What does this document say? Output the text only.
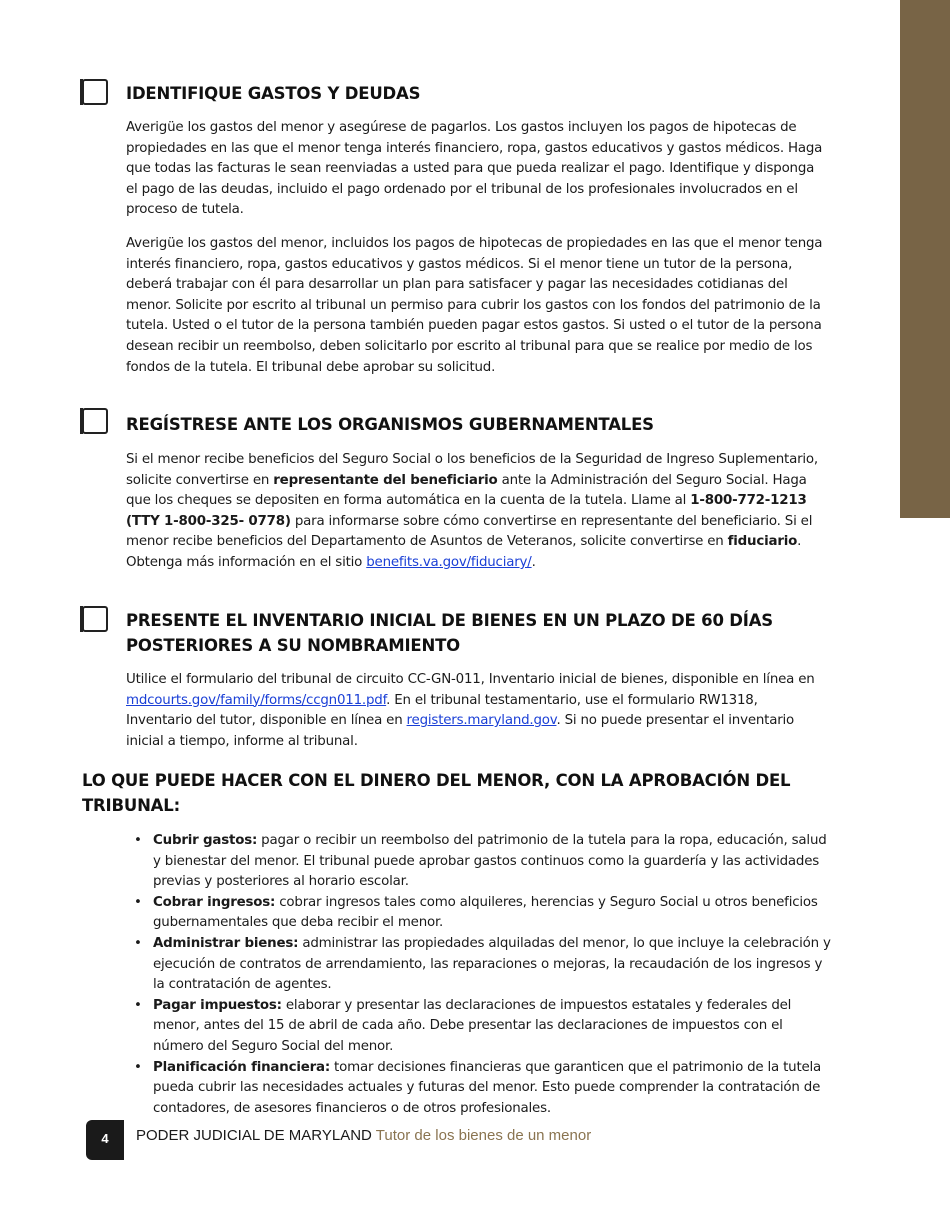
IDENTIFIQUE GASTOS Y DEUDAS

Averigüe los gastos del menor y asegúrese de pagarlos. Los gastos incluyen los pagos de hipotecas de propiedades en las que el menor tenga interés financiero, ropa, gastos educativos y gastos médicos. Haga que todas las facturas le sean reenviadas a usted para que pueda realizar el pago. Identifique y disponga el pago de las deudas, incluido el pago ordenado por el tribunal de los profesionales involucrados en el proceso de tutela.

Averigüe los gastos del menor, incluidos los pagos de hipotecas de propiedades en las que el menor tenga interés financiero, ropa, gastos educativos y gastos médicos. Si el menor tiene un tutor de la persona, deberá trabajar con él para desarrollar un plan para satisfacer y pagar las necesidades cotidianas del menor. Solicite por escrito al tribunal un permiso para cubrir los gastos con los fondos del patrimonio de la tutela. Usted o el tutor de la persona también pueden pagar estos gastos. Si usted o el tutor de la persona desean recibir un reembolso, deben solicitarlo por escrito al tribunal para que se realice por medio de los fondos de la tutela. El tribunal debe aprobar su solicitud.

REGÍSTRESE ANTE LOS ORGANISMOS GUBERNAMENTALES

Si el menor recibe beneficios del Seguro Social o los beneficios de la Seguridad de Ingreso Suplementario, solicite convertirse en representante del beneficiario ante la Administración del Seguro Social. Haga que los cheques se depositen en forma automática en la cuenta de la tutela. Llame al 1-800-772-1213 (TTY 1-800-325- 0778) para informarse sobre cómo convertirse en representante del beneficiario. Si el menor recibe beneficios del Departamento de Asuntos de Veteranos, solicite convertirse en fiduciario. Obtenga más información en el sitio benefits.va.gov/fiduciary/.

PRESENTE EL INVENTARIO INICIAL DE BIENES EN UN PLAZO DE 60 DÍAS
POSTERIORES A SU NOMBRAMIENTO

Utilice el formulario del tribunal de circuito CC-GN-011, Inventario inicial de bienes, disponible en línea en mdcourts.gov/family/forms/ccgn011.pdf. En el tribunal testamentario, use el formulario RW1318, Inventario del tutor, disponible en línea en registers.maryland.gov. Si no puede presentar el inventario inicial a tiempo, informe al tribunal.

LO QUE PUEDE HACER CON EL DINERO DEL MENOR, CON LA APROBACIÓN DEL
TRIBUNAL:
• Cubrir gastos: pagar o recibir un reembolso del patrimonio de la tutela para la ropa, educación, salud y bienestar del menor. El tribunal puede aprobar gastos continuos como la guardería y las actividades previas y posteriores al horario escolar.
• Cobrar ingresos: cobrar ingresos tales como alquileres, herencias y Seguro Social u otros beneficios gubernamentales que deba recibir el menor.
• Administrar bienes: administrar las propiedades alquiladas del menor, lo que incluye la celebración y ejecución de contratos de arrendamiento, las reparaciones o mejoras, la recaudación de los ingresos y la contratación de agentes.
• Pagar impuestos: elaborar y presentar las declaraciones de impuestos estatales y federales del menor, antes del 15 de abril de cada año. Debe presentar las declaraciones de impuestos con el número del Seguro Social del menor.
• Planificación financiera: tomar decisiones financieras que garanticen que el patrimonio de la tutela pueda cubrir las necesidades actuales y futuras del menor. Esto puede comprender la contratación de contadores, de asesores financieros o de otros profesionales.
4	PODER JUDICIAL DE MARYLAND Tutor de los bienes de un menor
